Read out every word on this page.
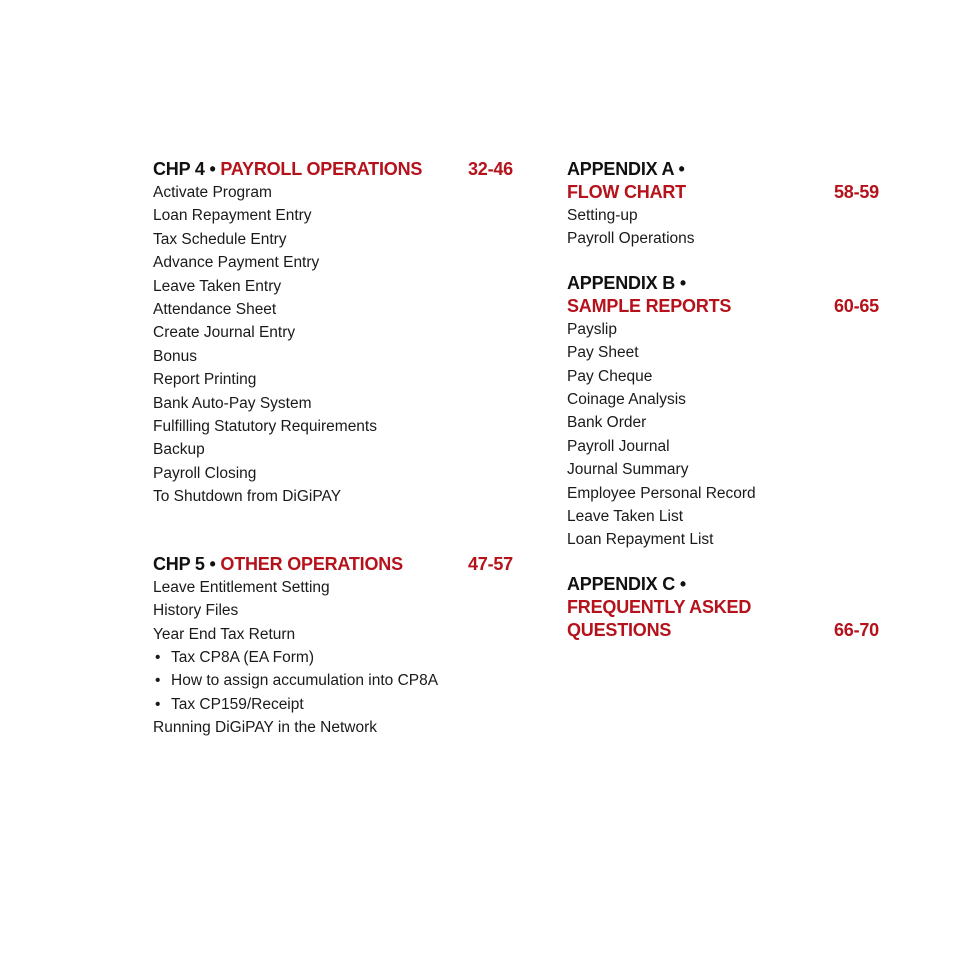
CHP 4 • PAYROLL OPERATIONS	32-46
Activate Program
Loan Repayment Entry
Tax Schedule Entry
Advance Payment Entry
Leave Taken Entry
Attendance Sheet
Create Journal Entry
Bonus
Report Printing
Bank Auto-Pay System
Fulfilling Statutory Requirements
Backup
Payroll Closing
To Shutdown from DiGiPAY
CHP 5 • OTHER OPERATIONS	47-57
Leave Entitlement Setting
History Files
Year End Tax Return
• Tax CP8A (EA Form)
• How to assign accumulation into CP8A
• Tax CP159/Receipt
Running DiGiPAY in the Network
APPENDIX A •
FLOW CHART	58-59
Setting-up
Payroll Operations
APPENDIX B •
SAMPLE REPORTS	60-65
Payslip
Pay Sheet
Pay Cheque
Coinage Analysis
Bank Order
Payroll Journal
Journal Summary
Employee Personal Record
Leave Taken List
Loan Repayment List
APPENDIX C •
FREQUENTLY ASKED
QUESTIONS	66-70
